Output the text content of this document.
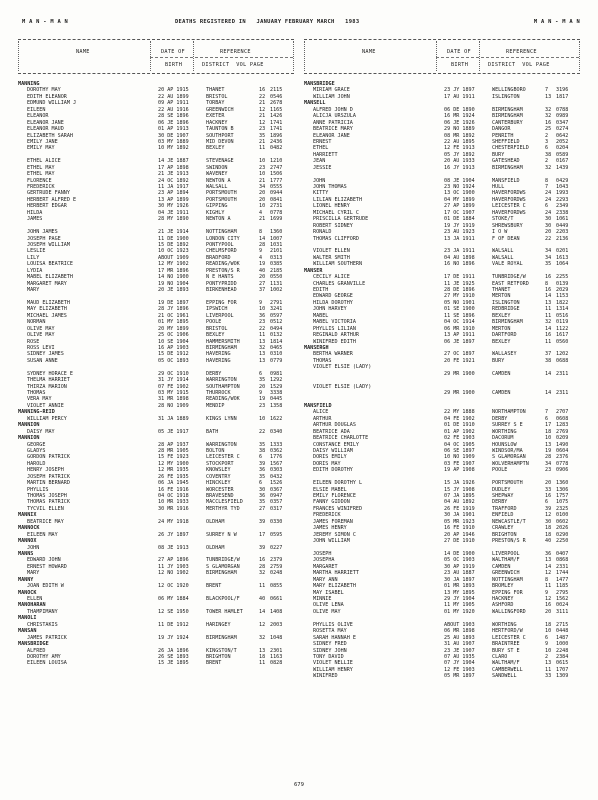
M A N - M A N	DEATHS REGISTERED IN   JANUARY FEBRUARY MARCH   1983	M A N - M A N
NAME	DATE OF	REFERENCE
BIRTH	DISTRICT  VOL PAGE
MANNING
DOROTHY MAY	20 AP 1915	THANET	16 2115
EDITH ELEANOR	22 AU 1899	BRISTOL	22 0546
EDMUND WILLIAM J	09 AP 1911	TORBAY	21 2678
EILEEN	22 AU 1916	GREENWICH	12 1165
ELEANOR	28 SE 1896	EXETER	21 1426
ELEANOR JANE	06 JE 1896	HACKNEY	12 1741
ELEANOR MAUD	01 AP 1913	TAUNTON B	23 1741
ELIZABETH SARAH	30 DE 1907	SOUTHPORT	35 1896
EMILY JANE	03 MY 1889	MID DEVON	21 2436
EMILY MAY	10 MY 1892	BEXLEY	11 0482
ETHEL ALICE	14 JE 1887	STEVENAGE	10 1210
ETHEL MAY	17 AP 1898	SWINDON	23 2747
ETHEL MAY	21 JE 1913	WAVENEY	10 1506
FLORENCE	24 OC 1892	NEWTON A	21 1777
FREDERICK	11 JA 1917	WALSALL	34 0555
GERTRUDE FANNY	23 AP 1894	PORTSMOUTH	20 0944
HERBERT ALFRED E	13 AP 1899	PORTSMOUTH	20 0841
HERBERT EDGAR	30 MY 1926	GIPPING	10 2731
HILDA	04 JE 1911	KIGHLY	4 0778
JAMES	28 MY 1890	NEWTON A	21 1699
JOHN JAMES	21 JE 1914	NOTTINGHAM	8 1360
JOSEPH PAGE	11 DE 1900	LONDON CITY	14 1007
JOSEPH WILLIAM	15 DE 1892	PONTYPOOL	28 1031
LESLIE	10 OC 1923	CHELMSFORD	9 2101
LILY	ABOUT 1909	BRADFORD	4 0313
LOUISA BEATRICE	12 MY 1902	READING/WOK	19 0385
LYDIA	17 MR 1896	PRESTON/S R	40 2185
MABEL ELIZABETH	14 NO 1900	N E HANTS	20 0550
MARGARET MARY	19 NO 1904	PONTYPRIDD	27 1131
MARY	20 JE 1893	BIRKENHEAD	37 1002
MAUD ELIZABETH	19 DE 1897	EPPING FOR	9 2791
MAY ELIZABETH	28 JY 1896	IPSWICH	10 3241
MICHAEL JAMES	21 OC 1961	LIVERPOOL	36 0597
NORMAN	01 MY 1895	POOLE	23 0512
OLIVE MAY	20 MY 1899	BRISTOL	22 0494
OLIVE MAY	25 OC 1906	BEXLEY	11 0132
ROSE	10 SE 1904	HAMMERSMITH	13 1814
ROSS LEVI	16 AP 1903	BIRMINGHAM	32 0465
SIDNEY JAMES	15 DE 1912	HAVERING	13 0310
SUSAN ANNE	05 OC 1893	HAVERING	13 0779
SYDNEY HORACE E	29 OC 1910	DERBY	6 0981
THELMA HARRIET	31 JY 1914	WARRINGTON	35 1292
THIRZA MARION	07 FE 1902	SOUTHAMPTON	20 1529
THOMAS	03 MY 1915	THURROCK	9 3338
VERA MAY	31 MR 1898	READING/WOK	19 0445
VIOLET ANNIE	28 NO 1909	MENDIP	23 1358
MANNING-REID
WILLIAM PERCY	31 JA 1889	KINGS LYNN	10 1622
MANNION
DAISY MAY	05 JE 1917	BATH	22 0340
MANNION
GEORGE	28 AP 1937	WARRINGTON	35 1333
GLADYS	28 MR 1905	BOLTON	38 0362
GORDON PATRICK	15 FE 1923	LEICESTER C	6 1776
HAROLD	12 MY 1900	STOCKPORT	39 1567
HENRY JOSEPH	12 MR 1935	KNOWSLEY	36 0303
JOSEPH PATRICK	26 FE 1935	COVENTRY	35 0432
MARTIN BERNARD	06 JA 1945	HINCKLEY	6 1526
PHYLLIS	16 FE 1916	WORCESTER	30 0367
THOMAS JOSEPH	04 OC 1918	BRAVESEND	36 0947
THOMAS PATRICK	10 MR 1933	MACCLESFIELD	35 0357
TYCVIL ELLEN	30 MR 1916	MERTHYR TYD	27 0317
MANNIX
BEATRICE MAY	24 MY 1918	OLDHAM	39 0330
MANNOCK
EILEEN MAY	26 JY 1897	SURREY N W	17 0595
MANNOX
JOHN	08 JE 1913	OLDHAM	39 0227
MANNS
EDWARD JOHN	27 AP 1896	TUNBRIDGE/W	16 2379
ERNEST HOWARD	11 JY 1903	S GLAMORGAN	28 2759
MARY	12 NO 1902	BIRMINGHAM	32 0248
MANNY
JOAN EDITH W	12 OC 1920	BRENT	11 0855
MANOCK
ELLEN	06 MY 1884	BLACKPOOL/F	40 0661
MANOHARAN
THAMPIMANY	12 SE 1950	TOWER HAMLET	14 1408
MANOLI
CHRISTAKIS	11 DE 1912	HARINGEY	12 2003
MANSAN
JAMES PATRICK	19 JY 1924	BIRMINGHAM	32 1048
MANSBRIDGE
ALFRED	26 JA 1896	KINGSTON/T	13 2301
DOROTHY AMY	26 SE 1893	BRIGHTON	18 1163
EILEEN LOUISA	15 JE 1895	BRENT	11 0828
NAME	DATE OF	REFERENCE
BIRTH	DISTRICT  VOL PAGE
MANSBRIDGE
MIRIAM GRACE	23 JY 1897	WELLINGBORO	7 3196
WILLIAM JOHN	17 AU 1911	ISLINGTON	13 1817
MANSELL
ALFRED JOHN D	06 DE 1890	BIRMINGHAM	32 0788
ALICJA URSZULA	16 MR 1924	BIRMINGHAM	32 0989
ANNE PATRICIA	06 JE 1926	CANTERBURY	16 0347
BEATRICE MARY	29 NO 1889	DANGOR	25 0274
ELEANOR JANE	08 MR 1892	PENRITH	2 0642
ERNEST	22 AU 1895	SHEFFIELD	3 2052
ETHEL	12 FE 1913	CHESTERFIELD	6 0204
HARRIETT	05 JY 1892	BURY	38 0589
JEAN	20 AU 1933	GATESHEAD	2 0167
JESSIE	16 JY 1913	BIRMINGHAM	32 1439
JOHN	08 JE 1904	MANSFIELD	8 0429
JOHN THOMAS	23 NO 1924	HULL	7 1043
KITTY	13 OC 1900	HAVERFORDWS	24 1993
LILIAN ELIZABETH	04 MY 1899	HAVERFORDWS	24 2293
LIONEL HENRY	27 AP 1899	LEICESTER C	6 2349
MICHAEL CYRIL C	17 OC 1907	HAVERFORDWS	24 2338
PRISCILLA GERTRUDE	01 DE 1884	STOKE/T	30 1061
ROBERT SIDNEY	19 JY 1919	SHREWSBURY	30 0449
RONALD	23 AU 1923	I O W	20 2203
THOMAS CLIFFORD	13 JA 1911	F OF DEAN	22 2136
VIOLET ELLEN	23 JA 1911	WALSALL	34 0201
WALTER SMITH	04 AU 1898	WALSALL	34 1613
WILLIAM SOUTHERN	16 NO 1896	VALE ROYAL	35 1064
MANSER
CECILY ALICE	17 DE 1911	TUNBRIDGE/W	16 2255
CHARLES GRANVILLE	11 JE 1925	EAST RETFORD	8 0139
EDITH	28 DE 1896	THANET	16 2029
EDWARD GEORGE	27 MY 1910	MERTON	14 1153
HILDA DOROTHY	05 NO 1901	ISLINGTON	13 1822
JOHN HARVEY	01 SE 1900	REDBRIDGE	11 1314
MABEL	11 SE 1896	BEXLEY	11 0516
MABEL VICTORIA	04 OC 1914	BIRMINGHAM	32 0119
PHYLLIS LILIAN	06 MR 1910	MERTON	14 1122
REGINALD ARTHUR	13 AP 1911	DARTFORD	16 1617
WINIFRED EDITH	06 JE 1897	BEXLEY	11 0560
MANSERGH
BERTHA WARNER	27 OC 1897	WALLASEY	37 1202
THOMAS	20 FE 1921	BURY	38 0688
VIOLET ELSIE (LADY)
29 MR 1900	CAMDEN	14 2311
VIOLET ELSIE (LADY)
29 MR 1900	CAMDEN	14 2311
MANSFIELD
ALICE	22 MY 1888	NORTHAMPTON	7 2707
ARTHUR	04 FE 1902	DERBY	6 0608
ARTHUR DOUGLAS	01 DE 1910	SURREY S E	17 1283
BEATRICE ADA	01 AP 1902	WORTHING	18 2769
BEATRICE CHARLOTTE	02 FE 1903	DACORUM	10 0209
CONSTANCE EMILY	04 OC 1905	HOUNSLOW	13 1490
DAISY WILLIAM	06 SE 1897	WINDSOR/MA	19 0604
DORIS EMILY	10 NO 1909	S GLAMORGAN	28 2376
DORIS MAY	03 FE 1907	WOLVERHAMPTN	34 0778
EDITH DOROTHY	19 AP 1908	POOLE	23 0906
EILEEN DOROTHY L	15 JA 1926	PORTSMOUTH	20 1360
ELSIE MABEL	15 JY 1908	DUDLEY	33 1306
EMILY FLORENCE	07 JA 1895	SHEPWAY	16 1757
FANNY GIDDON	04 AU 1892	DERBY	6 1075
FRANCES WINIFRED	26 FE 1919	TRAFFORD	39 2325
FREDERICK	30 JA 1901	ENFIELD	12 0100
JAMES FOREMAN	05 MR 1923	NEWCASTLE/T	30 0602
JAMES HENRY	16 FE 1910	CRAWLEY	18 2026
JEREMY SIMON C	20 AP 1946	BRIGHTON	18 0290
JOHN WILLIAM	27 DE 1910	PRESTON/S R	40 2250
JOSEPH	14 DE 1900	LIVERPOOL	36 0407
JOSEPHA	05 OC 1903	WALTHAM/F	13 0868
MARGARET	30 AP 1919	CAMDEN	14 2331
MARTHA HARRIETT	23 AU 1887	GREENWICH	12 1744
MARY ANN	30 JA 1897	NOTTINGHAM	8 1477
MARY ELIZABETH	01 MR 1893	BROMLEY	11 1185
MAY ISABEL	13 MY 1895	EPPING FOR	9 2795
MINNIE	29 JY 1904	HACKNEY	12 1562
OLIVE LENA	11 MY 1905	ASHFORD	16 0024
OLIVE MAY	01 MY 1920	WALLINGFORD	20 3111
PHYLLIS OLIVE	ABOUT 1903	WORTHING	18 2715
ROSETTA MAY	06 MR 1898	HERTFORD/W	10 0448
SARAH HANNAH E	25 AU 1893	LEICESTER C	6 1487
SIDNEY FRED	31 AU 1907	BRAINTREE	9 1000
SIDNEY JOHN	23 JE 1907	BURY ST E	10 2248
TONY DAVID	07 AU 1935	CLARO	2 2384
VIOLET NELLIE	07 JY 1904	WALTHAM/F	13 0615
WILLIAM HENRY	12 FE 1903	CAMBERWELL	11 1707
WINIFRED	05 MR 1897	SANDWELL	33 1309
679
